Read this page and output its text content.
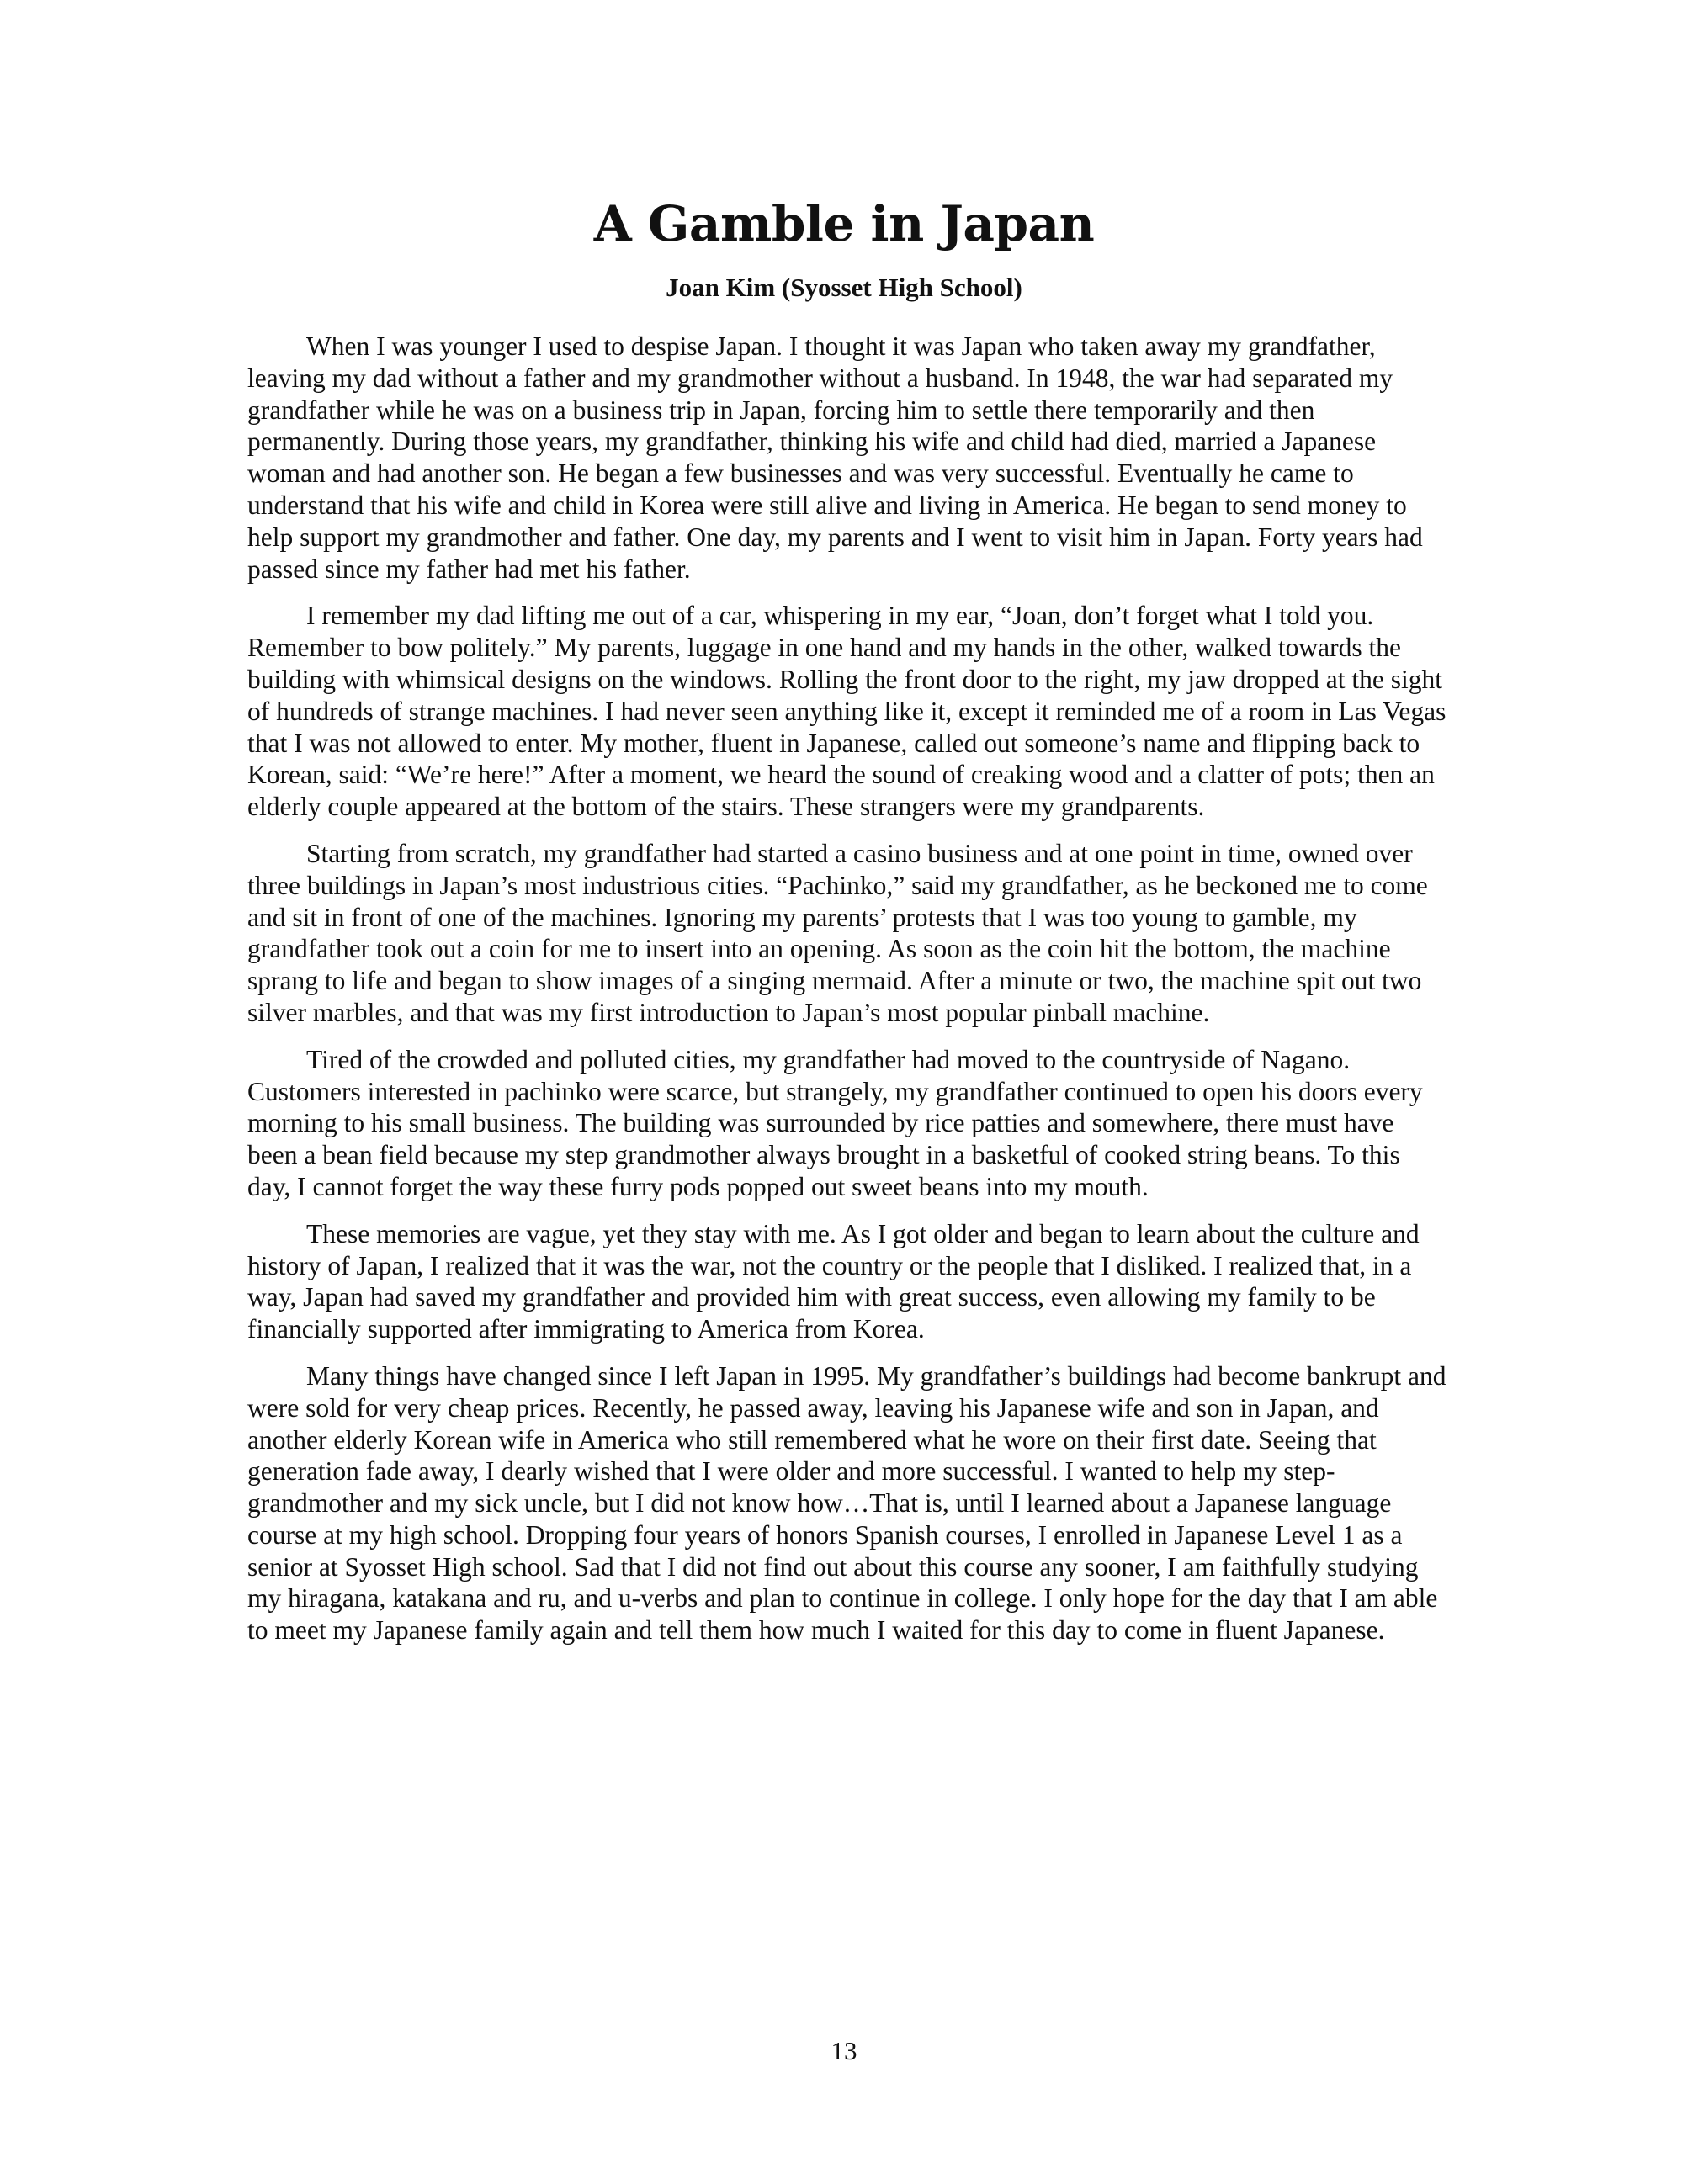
A Gamble in Japan
Joan Kim (Syosset High School)

When I was younger I used to despise Japan. I thought it was Japan who taken away my grandfather, leaving my dad without a father and my grandmother without a husband. In 1948, the war had separated my grandfather while he was on a business trip in Japan, forcing him to settle there temporarily and then permanently. During those years, my grandfather, thinking his wife and child had died, married a Japanese woman and had another son. He began a few businesses and was very successful. Eventually he came to understand that his wife and child in Korea were still alive and living in America. He began to send money to help support my grandmother and father. One day, my parents and I went to visit him in Japan. Forty years had passed since my father had met his father.

I remember my dad lifting me out of a car, whispering in my ear, “Joan, don’t forget what I told you. Remember to bow politely.” My parents, luggage in one hand and my hands in the other, walked towards the building with whimsical designs on the windows. Rolling the front door to the right, my jaw dropped at the sight of hundreds of strange machines. I had never seen anything like it, except it reminded me of a room in Las Vegas that I was not allowed to enter. My mother, fluent in Japanese, called out someone’s name and flipping back to Korean, said: “We’re here!” After a moment, we heard the sound of creaking wood and a clatter of pots; then an elderly couple appeared at the bottom of the stairs. These strangers were my grandparents.

Starting from scratch, my grandfather had started a casino business and at one point in time, owned over three buildings in Japan’s most industrious cities. “Pachinko,” said my grandfather, as he beckoned me to come and sit in front of one of the machines. Ignoring my parents’ protests that I was too young to gamble, my grandfather took out a coin for me to insert into an opening. As soon as the coin hit the bottom, the machine sprang to life and began to show images of a singing mermaid. After a minute or two, the machine spit out two silver marbles, and that was my first introduction to Japan’s most popular pinball machine.

Tired of the crowded and polluted cities, my grandfather had moved to the countryside of Nagano. Customers interested in pachinko were scarce, but strangely, my grandfather continued to open his doors every morning to his small business. The building was surrounded by rice patties and somewhere, there must have been a bean field because my step grandmother always brought in a basketful of cooked string beans. To this day, I cannot forget the way these furry pods popped out sweet beans into my mouth.

These memories are vague, yet they stay with me. As I got older and began to learn about the culture and history of Japan, I realized that it was the war, not the country or the people that I disliked. I realized that, in a way, Japan had saved my grandfather and provided him with great success, even allowing my family to be financially supported after immigrating to America from Korea.

Many things have changed since I left Japan in 1995. My grandfather’s buildings had become bankrupt and were sold for very cheap prices. Recently, he passed away, leaving his Japanese wife and son in Japan, and another elderly Korean wife in America who still remembered what he wore on their first date. Seeing that generation fade away, I dearly wished that I were older and more successful. I wanted to help my step-grandmother and my sick uncle, but I did not know how…That is, until I learned about a Japanese language course at my high school. Dropping four years of honors Spanish courses, I enrolled in Japanese Level 1 as a senior at Syosset High school. Sad that I did not find out about this course any sooner, I am faithfully studying my hiragana, katakana and ru, and u-verbs and plan to continue in college. I only hope for the day that I am able to meet my Japanese family again and tell them how much I waited for this day to come in fluent Japanese.

13
